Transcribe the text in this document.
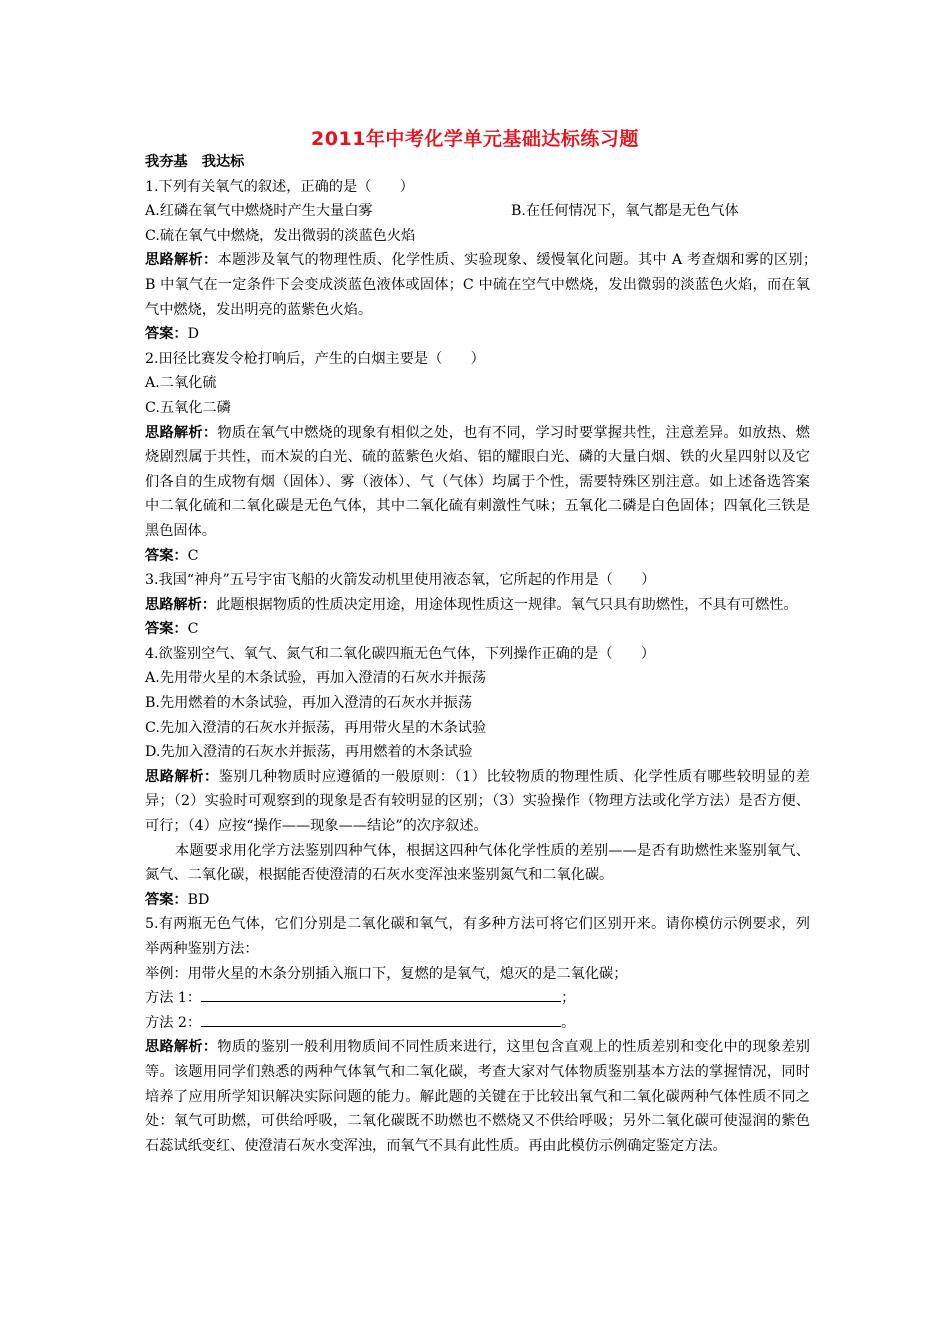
2011年中考化学单元基础达标练习题
我夯基　我达标
1.下列有关氧气的叙述，正确的是（　　）
A.红磷在氧气中燃烧时产生大量白雾	B.在任何情况下，氧气都是无色气体
C.硫在氧气中燃烧，发出微弱的淡蓝色火焰
思路解析：本题涉及氧气的物理性质、化学性质、实验现象、缓慢氧化问题。其中 A 考查烟和雾的区别；　B 中氧气在一定条件下会变成淡蓝色液体或固体；C 中硫在空气中燃烧，发出微弱的淡蓝色火焰，而在氧气中燃烧，发出明亮的蓝紫色火焰。
答案：D
2.田径比赛发令枪打响后，产生的白烟主要是（　　）
A.二氧化硫
C.五氧化二磷
思路解析：物质在氧气中燃烧的现象有相似之处，也有不同，学习时要掌握共性，注意差异。如放热、燃烧剧烈属于共性，而木炭的白光、硫的蓝紫色火焰、铝的耀眼白光、磷的大量白烟、铁的火星四射以及它们各自的生成物有烟（固体）、雾（液体）、气（气体）均属于个性，需要特殊区别注意。如上述备选答案中二氧化硫和二氧化碳是无色气体，其中二氧化硫有刺激性气味；五氧化二磷是白色固体；四氧化三铁是黑色固体。
答案：C
3.我国“神舟”五号宇宙飞船的火箭发动机里使用液态氧，它所起的作用是（　　）
思路解析：此题根据物质的性质决定用途，用途体现性质这一规律。氧气只具有助燃性，不具有可燃性。
答案：C
4.欲鉴别空气、氧气、氮气和二氧化碳四瓶无色气体，下列操作正确的是（　　）
A.先用带火星的木条试验，再加入澄清的石灰水并振荡
B.先用燃着的木条试验，再加入澄清的石灰水并振荡
C.先加入澄清的石灰水并振荡，再用带火星的木条试验
D.先加入澄清的石灰水并振荡，再用燃着的木条试验
思路解析：鉴别几种物质时应遵循的一般原则：（1）比较物质的物理性质、化学性质有哪些较明显的差异；（2）实验时可观察到的现象是否有较明显的区别；（3）实验操作（物理方法或化学方法）是否方便、可行；（4）应按“操作——现象——结论”的次序叙述。
本题要求用化学方法鉴别四种气体，根据这四种气体化学性质的差别——是否有助燃性来鉴别氧气、氮气、二氧化碳，根据能否使澄清的石灰水变浑浊来鉴别氮气和二氧化碳。
答案：BD
5.有两瓶无色气体，它们分别是二氧化碳和氧气，有多种方法可将它们区别开来。请你模仿示例要求，列举两种鉴别方法：
举例：用带火星的木条分别插入瓶口下，复燃的是氧气，熄灭的是二氧化碳；
方法 1：	；
方法 2：	。
思路解析：物质的鉴别一般利用物质间不同性质来进行，这里包含直观上的性质差别和变化中的现象差别等。该题用同学们熟悉的两种气体氧气和二氧化碳，考查大家对气体物质鉴别基本方法的掌握情况，同时培养了应用所学知识解决实际问题的能力。解此题的关键在于比较出氧气和二氧化碳两种气体性质不同之处：氧气可助燃，可供给呼吸，二氧化碳既不助燃也不燃烧又不供给呼吸；另外二氧化碳可使湿润的紫色石蕊试纸变红、使澄清石灰水变浑浊，而氧气不具有此性质。再由此模仿示例确定鉴定方法。
